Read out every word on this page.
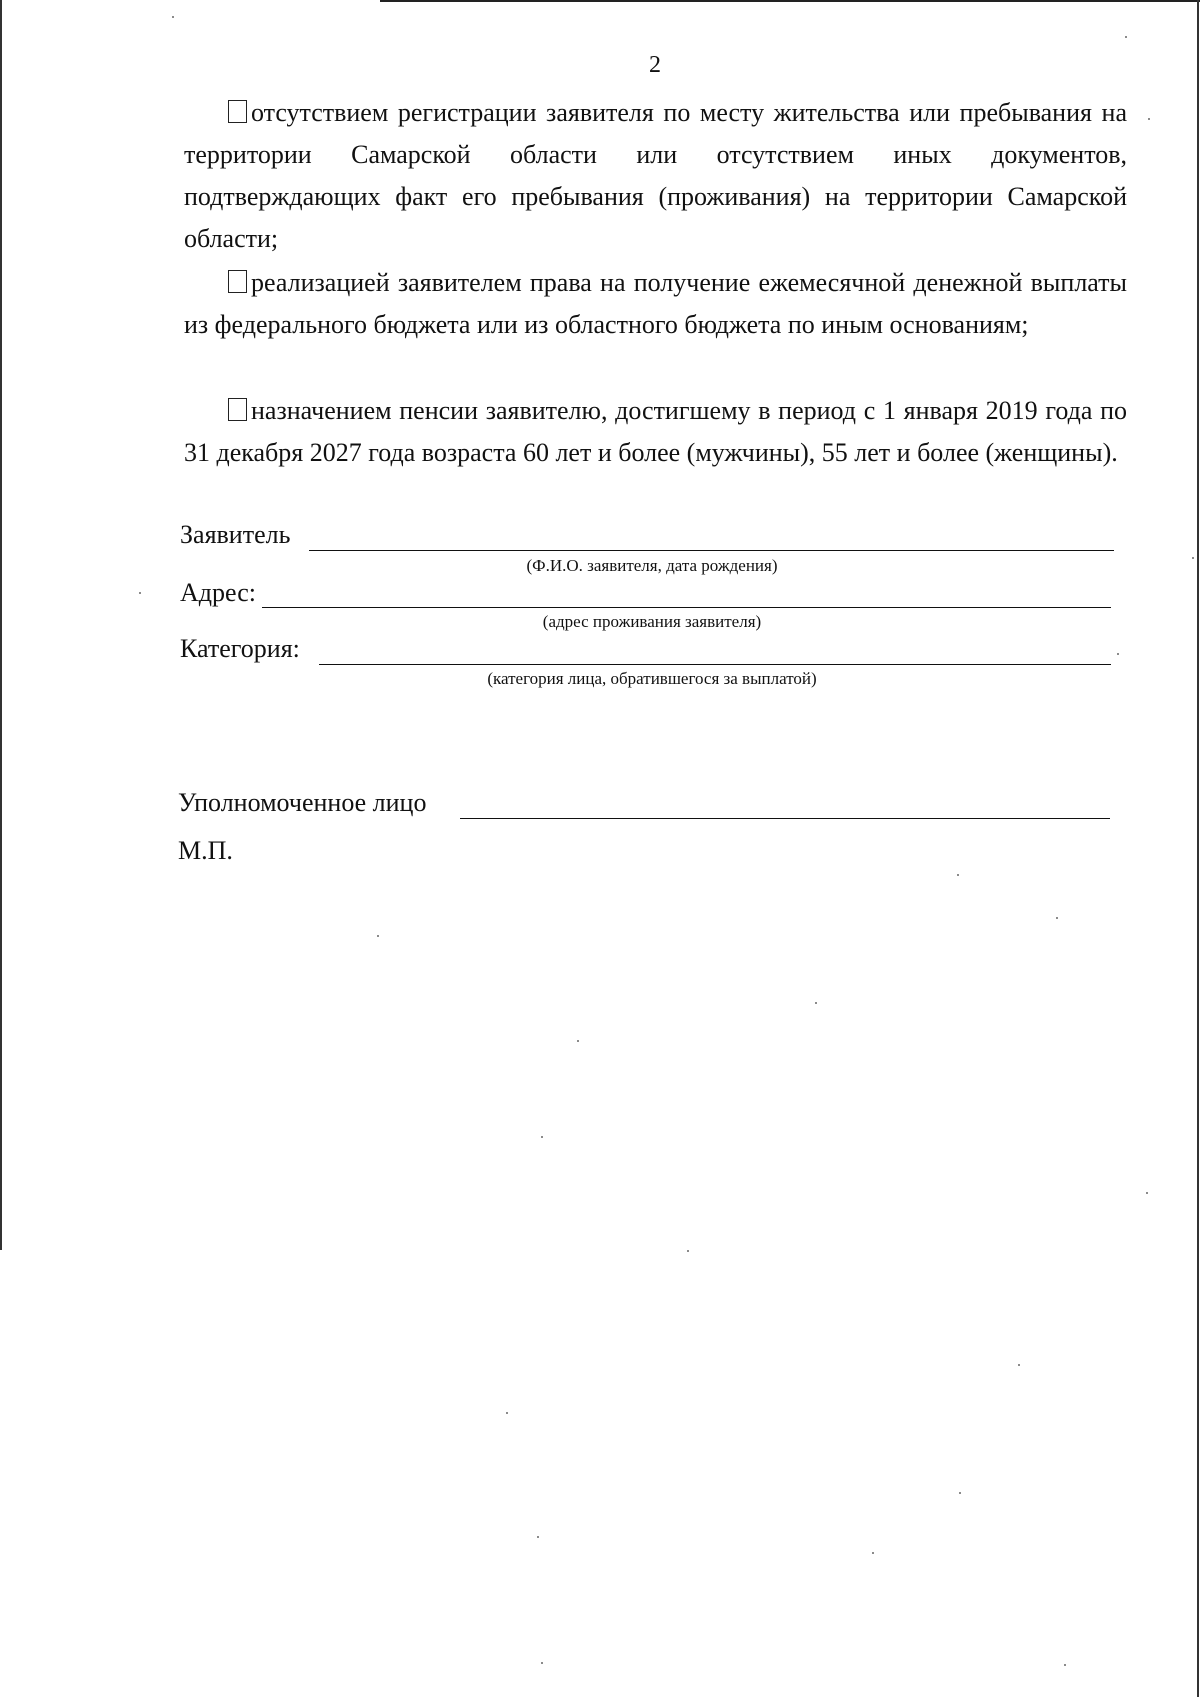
2

отсутствием регистрации заявителя по месту жительства или пребывания на территории Самарской области или отсутствием иных документов, подтверждающих факт его пребывания (проживания) на территории Самарской области;

реализацией заявителем права на получение ежемесячной денежной выплаты из федерального бюджета или из областного бюджета по иным основаниям;

назначением пенсии заявителю, достигшему в период с 1 января 2019 года по 31 декабря 2027 года возраста 60 лет и более (мужчины), 55 лет и более (женщины).

Заявитель
(Ф.И.О. заявителя, дата рождения)
Адрес:
(адрес проживания заявителя)
Категория:
(категория лица, обратившегося за выплатой)
Уполномоченное лицо
М.П.
